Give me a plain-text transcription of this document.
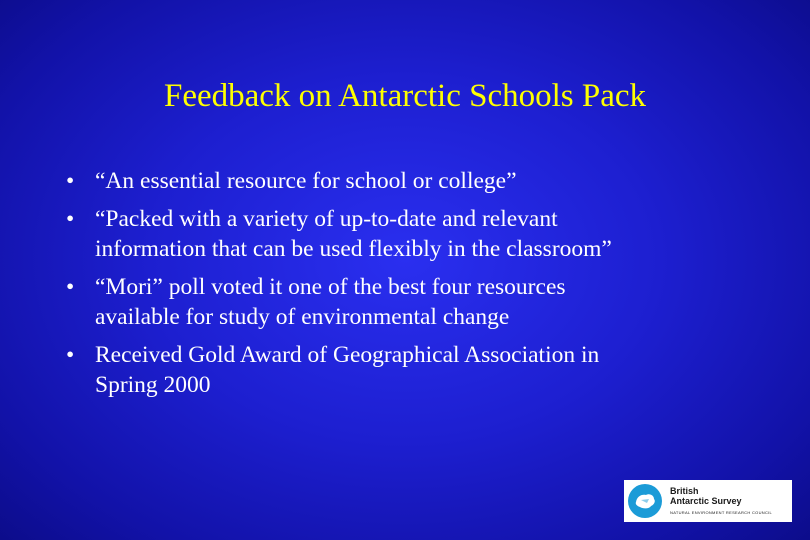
Feedback on Antarctic Schools Pack
• “An essential resource for school or college”
• “Packed with a variety of up-to-date and relevant
information that can be used flexibly in the classroom”
• “Mori” poll voted it one of the best four resources
available for study of environmental change
• Received Gold Award of Geographical Association in
Spring 2000
British
Antarctic Survey
NATURAL ENVIRONMENT RESEARCH COUNCIL
